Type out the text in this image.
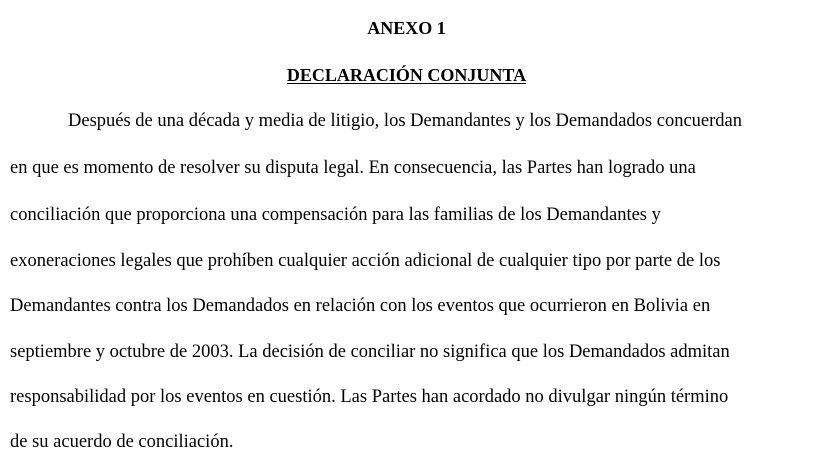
ANEXO 1
DECLARACIÓN CONJUNTA
Después de una década y media de litigio, los Demandantes y los Demandados concuerdan
en que es momento de resolver su disputa legal. En consecuencia, las Partes han logrado una
conciliación que proporciona una compensación para las familias de los Demandantes y
exoneraciones legales que prohíben cualquier acción adicional de cualquier tipo por parte de los
Demandantes contra los Demandados en relación con los eventos que ocurrieron en Bolivia en
septiembre y octubre de 2003. La decisión de conciliar no significa que los Demandados admitan
responsabilidad por los eventos en cuestión. Las Partes han acordado no divulgar ningún término
de su acuerdo de conciliación.
